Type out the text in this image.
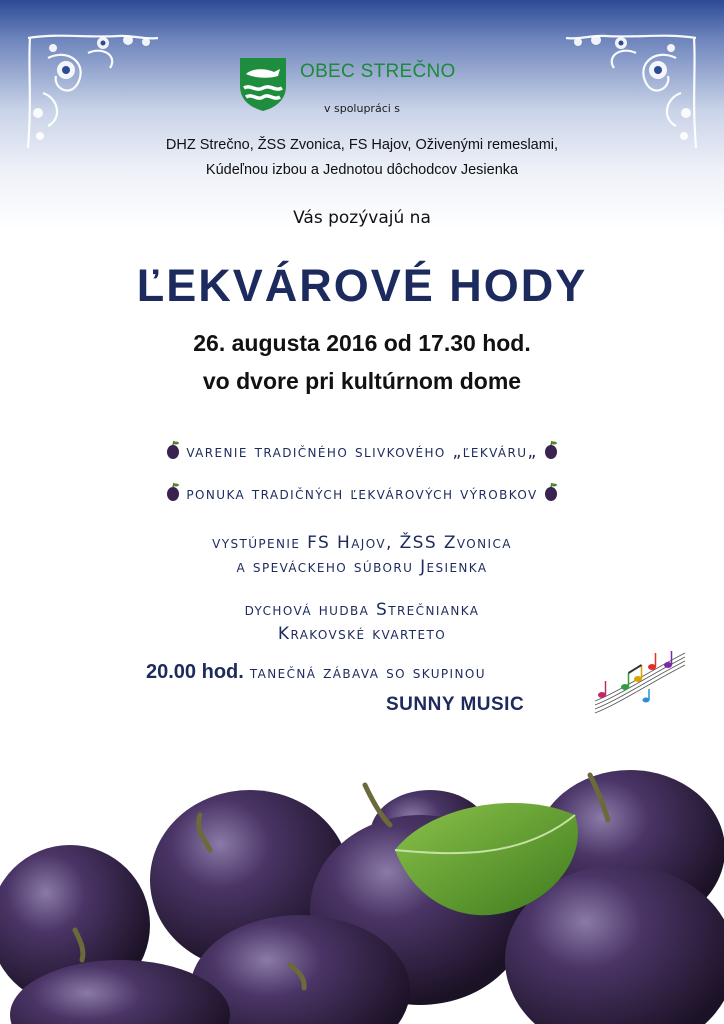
OBEC STREČNO
v spolupráci s
DHZ Strečno, ŽSS Zvonica, FS Hajov, Oživenými remeslami,
Kúdeľnou izbou a Jednotou dôchodcov Jesienka
Vás pozývajú na
ĽEKVÁROVÉ HODY
26. augusta 2016 od 17.30 hod.
vo dvore pri kultúrnom dome
varenie tradičného slivkového „ľekváru„
ponuka tradičných ľekvárových výrobkov
vystúpenie FS Hajov, ŽSS Zvonica
a speváckeho súboru Jesienka
dychová hudba Strečnianka
Krakovské kvarteto
20.00 hod. tanečná zábava so skupinou
SUNNY MUSIC
